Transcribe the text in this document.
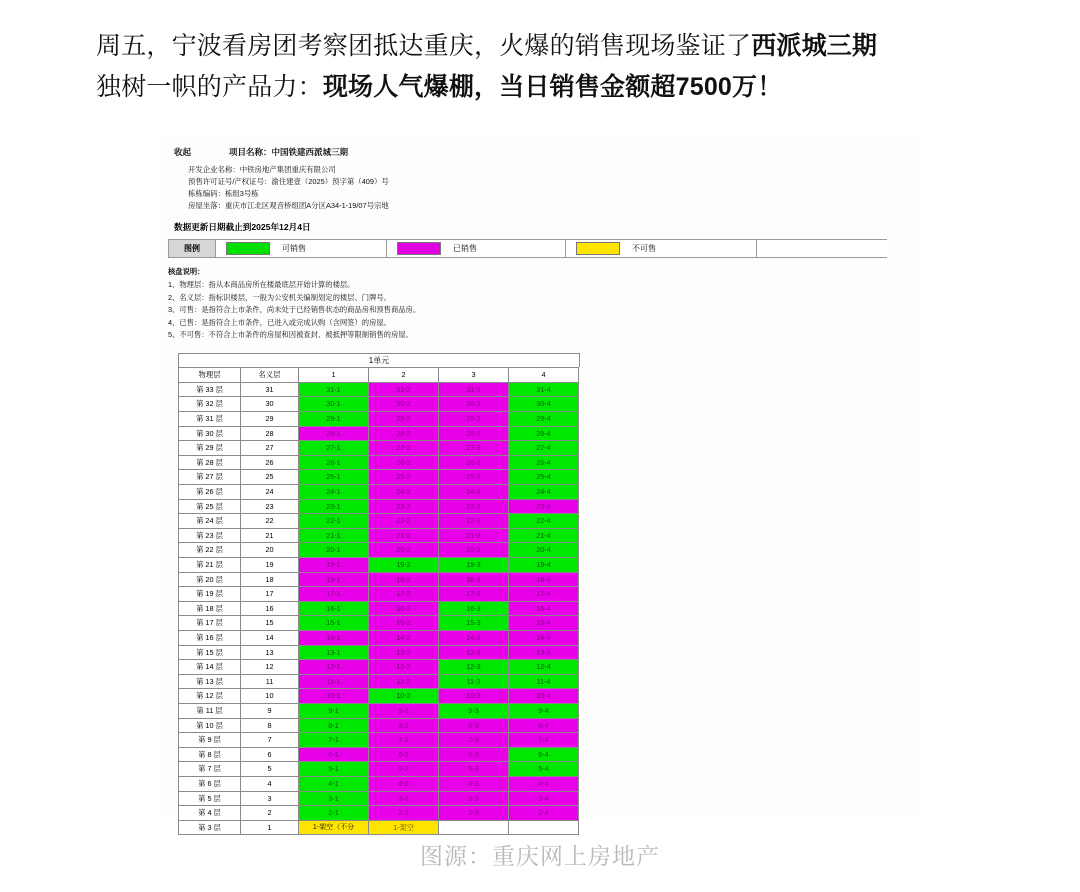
周五，宁波看房团考察团抵达重庆，火爆的销售现场鉴证了西派城三期
独树一帜的产品力：现场人气爆棚，当日销售金额超7500万！
收起	项目名称：中国铁建西派城三期
开发企业名称：中铁房地产集团重庆有限公司
预售许可证号/产权证号：渝住建壹（2025）预字第（409）号
栋栋编码：栋组3号栋
房屋坐落：重庆市江北区观音桥组团A分区A34-1-19/07号宗地
数据更新日期截止到2025年12月4日
图例	可销售	已销售	不可售
核盘说明：
1、物理层：指从本商品房所在楼最底层开始计算的楼层。
2、名义层：指标识楼层，一般为公安机关编制划定的楼层、门牌号。
3、可售：是指符合上市条件，尚未处于已经销售状态的商品房和预售商品房。
4、已售：是指符合上市条件，已进入或完成认购（含网签）的房屋。
5、不可售：不符合上市条件的房屋和因被查封、被抵押等限制销售的房屋。
1单元
物理层	名义层	1	2	3	4
第 33 层	31	31-1	31-2	31-3	31-4
第 32 层	30	30-1	30-2	30-3	30-4
第 31 层	29	29-1	29-2	29-3	29-4
第 30 层	28	28-1	28-2	28-3	28-4
第 29 层	27	27-1	27-2	27-3	27-4
第 28 层	26	26-1	26-2	26-3	26-4
第 27 层	25	25-1	25-2	25-3	25-4
第 26 层	24	24-1	24-2	24-3	24-4
第 25 层	23	23-1	23-2	23-3	23-4
第 24 层	22	22-1	22-2	22-3	22-4
第 23 层	21	21-1	21-2	21-3	21-4
第 22 层	20	20-1	20-2	20-3	20-4
第 21 层	19	19-1	19-2	19-3	19-4
第 20 层	18	18-1	18-2	18-3	18-4
第 19 层	17	17-1	17-2	17-3	17-4
第 18 层	16	16-1	16-2	16-3	16-4
第 17 层	15	15-1	15-2	15-3	15-4
第 16 层	14	14-1	14-2	14-3	14-4
第 15 层	13	13-1	13-2	13-3	13-4
第 14 层	12	12-1	12-2	12-3	12-4
第 13 层	11	11-1	11-2	11-3	11-4
第 12 层	10	10-1	10-2	10-3	10-4
第 11 层	9	9-1	9-2	9-3	9-4
第 10 层	8	8-1	8-2	8-3	8-4
第 9 层	7	7-1	7-2	7-3	7-4
第 8 层	6	6-1	6-2	6-3	6-4
第 7 层	5	5-1	5-2	5-3	5-4
第 6 层	4	4-1	4-2	4-3	4-4
第 5 层	3	3-1	3-2	3-3	3-4
第 4 层	2	2-1	2-2	2-3	2-4
第 3 层	1	1-架空（不分	1-架空		
图源：重庆网上房地产
